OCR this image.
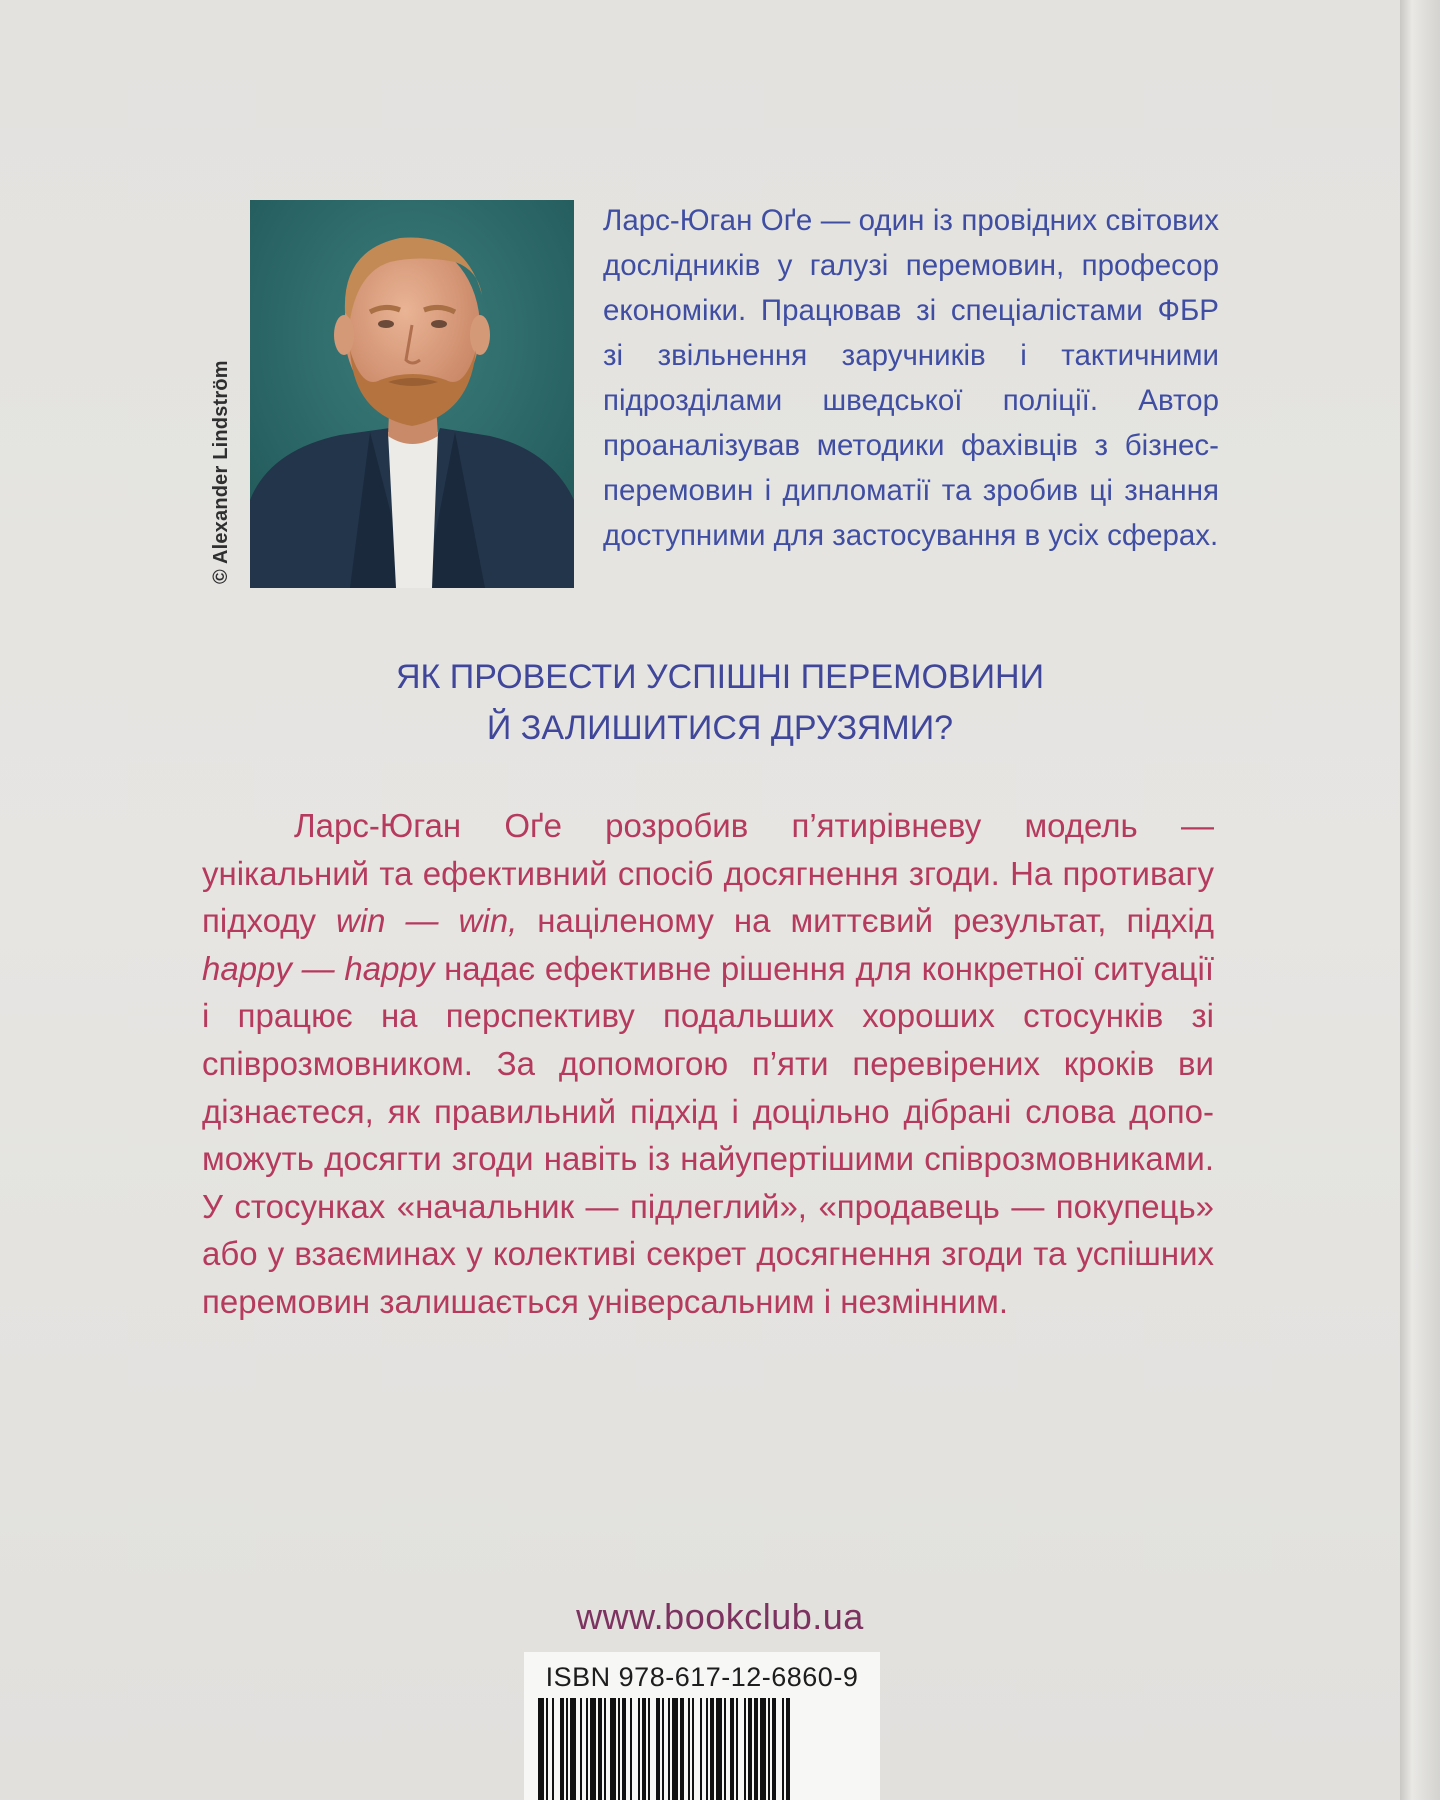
© Alexander Lindström

Ларс-Юган Оґе — один із провідних світових дослідників у галузі перемовин, професор економіки. Працював зі спеціалістами ФБР зі звільнення заручників і тактичними підрозділами шведської поліції. Автор проаналізував методики фахівців з бізнес-перемовин і дипломатії та зробив ці знання доступними для застосування в усіх сферах.

ЯК ПРОВЕСТИ УСПІШНІ ПЕРЕМОВИНИ
Й ЗАЛИШИТИСЯ ДРУЗЯМИ?

Ларс-Юган Оґе розробив п’ятирівневу модель — унікальний та ефективний спосіб досягнення згоди. На противагу підходу win — win, націленому на миттєвий результат, підхід happy — happy надає ефективне рішення для конкретної ситуації і працює на перспективу подальших хороших стосунків зі співрозмовником. За допомогою п’яти перевірених кроків ви дізнаєтеся, як правильний підхід і доцільно дібрані слова допоможуть досягти згоди навіть із найупертішими співрозмовниками. У стосунках «начальник — підлеглий», «продавець — покупець» або у взаєминах у колективі секрет досягнення згоди та успішних перемовин залишається універсальним і незмінним.

www.bookclub.ua
ISBN 978-617-12-6860-9
